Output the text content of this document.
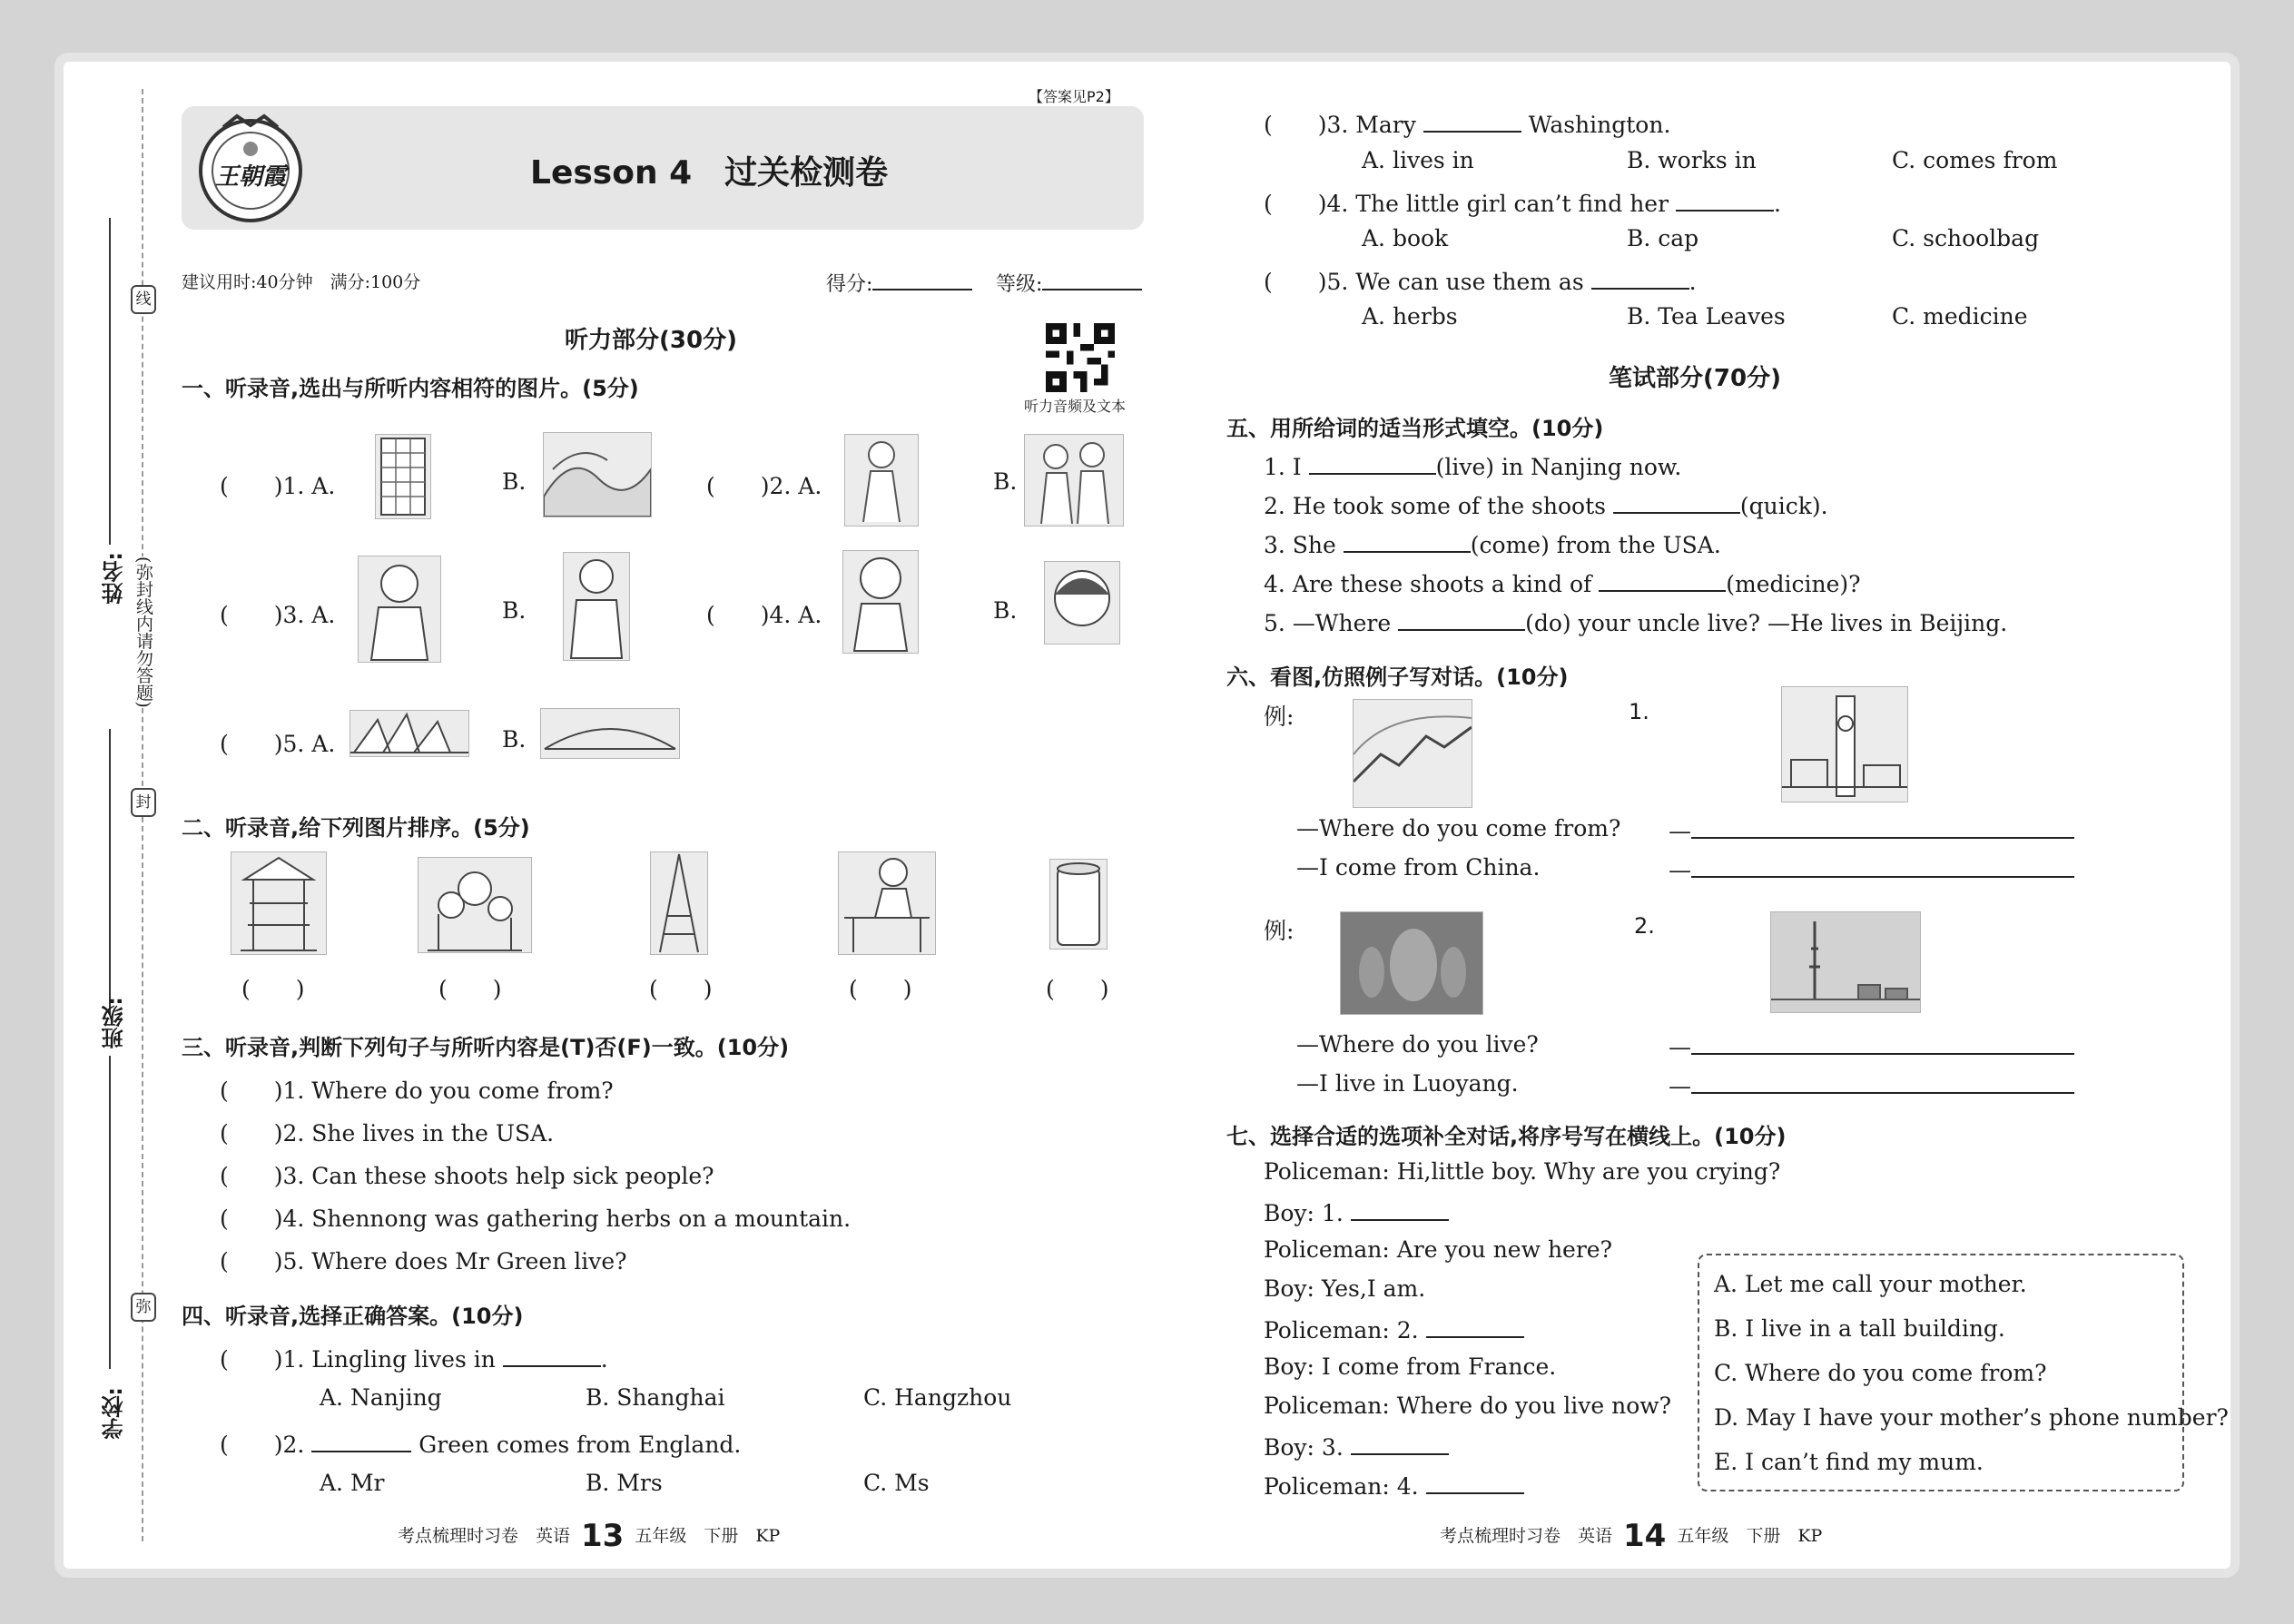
姓名:
班级:
学校:
线
封
弥
(弥封线内请勿答题)
【答案见P2】
王朝霞	Lesson 4　过关检测卷
建议用时:40分钟　满分:100分	得分:	等级:
听力部分(30分)
听力音频及文本
一、听录音,选出与所听内容相符的图片。(5分)
(　　)1. A.	B.	(　　)2. A.	B.
(　　)3. A.	B.	(　　)4. A.	B.
(　　)5. A.	B.
二、听录音,给下列图片排序。(5分)
(　　)	(　　)	(　　)	(　　)	(　　)
三、听录音,判断下列句子与所听内容是(T)否(F)一致。(10分)
(　　)1. Where do you come from?
(　　)2. She lives in the USA.
(　　)3. Can these shoots help sick people?
(　　)4. Shennong was gathering herbs on a mountain.
(　　)5. Where does Mr Green live?
四、听录音,选择正确答案。(10分)
(　　)1. Lingling lives in	.
A. Nanjing	B. Shanghai	C. Hangzhou
(　　)2.	Green comes from England.
A. Mr	B. Mrs	C. Ms
考点梳理时习卷　英语 13 五年级　下册　KP
(　　)3. Mary	Washington.
A. lives in	B. works in	C. comes from
(　　)4. The little girl can’t find her	.
A. book	B. cap	C. schoolbag
(　　)5. We can use them as	.
A. herbs	B. Tea Leaves	C. medicine
笔试部分(70分)
五、用所给词的适当形式填空。(10分)
1. I	(live) in Nanjing now.
2. He took some of the shoots	(quick).
3. She	(come) from the USA.
4. Are these shoots a kind of	(medicine)?
5. —Where	(do) your uncle live? —He lives in Beijing.
六、看图,仿照例子写对话。(10分)
例:	1.
—Where do you come from?
—I come from China.
—
—
例:	2.
—Where do you live?
—I live in Luoyang.
—
—
七、选择合适的选项补全对话,将序号写在横线上。(10分)
Policeman: Hi,little boy. Why are you crying?
Boy: 1.
Policeman: Are you new here?
Boy: Yes,I am.
Policeman: 2.
Boy: I come from France.
Policeman: Where do you live now?
Boy: 3.
Policeman: 4.
A. Let me call your mother.
B. I live in a tall building.
C. Where do you come from?
D. May I have your mother’s phone number?
E. I can’t find my mum.
考点梳理时习卷　英语 14 五年级　下册　KP
